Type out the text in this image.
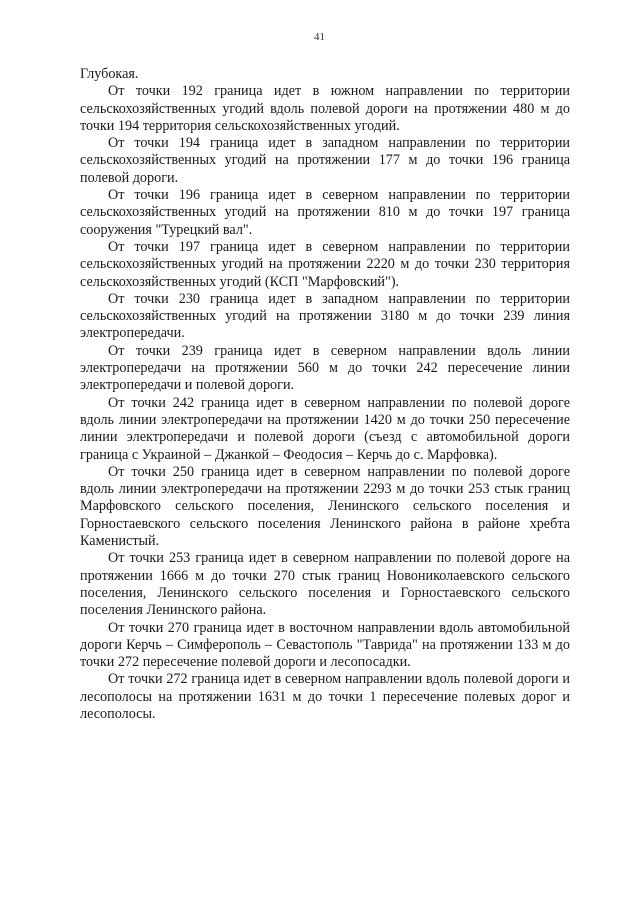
41

Глубокая.

От точки 192 граница идет в южном направлении по территории сельскохозяйственных угодий вдоль полевой дороги на протяжении 480 м до точки 194 территория сельскохозяйственных угодий.

От точки 194 граница идет в западном направлении по территории сельскохозяйственных угодий на протяжении 177 м до точки 196 граница полевой дороги.

От точки 196 граница идет в северном направлении по территории сельскохозяйственных угодий на протяжении 810 м до точки 197 граница сооружения "Турецкий вал".

От точки 197 граница идет в северном направлении по территории сельскохозяйственных угодий на протяжении 2220 м до точки 230 территория сельскохозяйственных угодий (КСП "Марфовский").

От точки 230 граница идет в западном направлении по территории сельскохозяйственных угодий на протяжении 3180 м до точки 239 линия электропередачи.

От точки 239 граница идет в северном направлении вдоль линии электропередачи на протяжении 560 м до точки 242 пересечение линии электропередачи и полевой дороги.

От точки 242 граница идет в северном направлении по полевой дороге вдоль линии электропередачи на протяжении 1420 м до точки 250 пересечение линии электропередачи и полевой дороги (съезд с автомобильной дороги граница с Украиной – Джанкой – Феодосия – Керчь до с. Марфовка).

От точки 250 граница идет в северном направлении по полевой дороге вдоль линии электропередачи на протяжении 2293 м до точки 253 стык границ Марфовского сельского поселения, Ленинского сельского поселения и Горностаевского сельского поселения Ленинского района в районе хребта Каменистый.

От точки 253 граница идет в северном направлении по полевой дороге на протяжении 1666 м до точки 270 стык границ Новониколаевского сельского поселения, Ленинского сельского поселения и Горностаевского сельского поселения Ленинского района.

От точки 270 граница идет в восточном направлении вдоль автомобильной дороги Керчь – Симферополь – Севастополь "Таврида" на протяжении 133 м до точки 272 пересечение полевой дороги и лесопосадки.

От точки 272 граница идет в северном направлении вдоль полевой дороги и лесополосы на протяжении 1631 м до точки 1 пересечение полевых дорог и лесополосы.
